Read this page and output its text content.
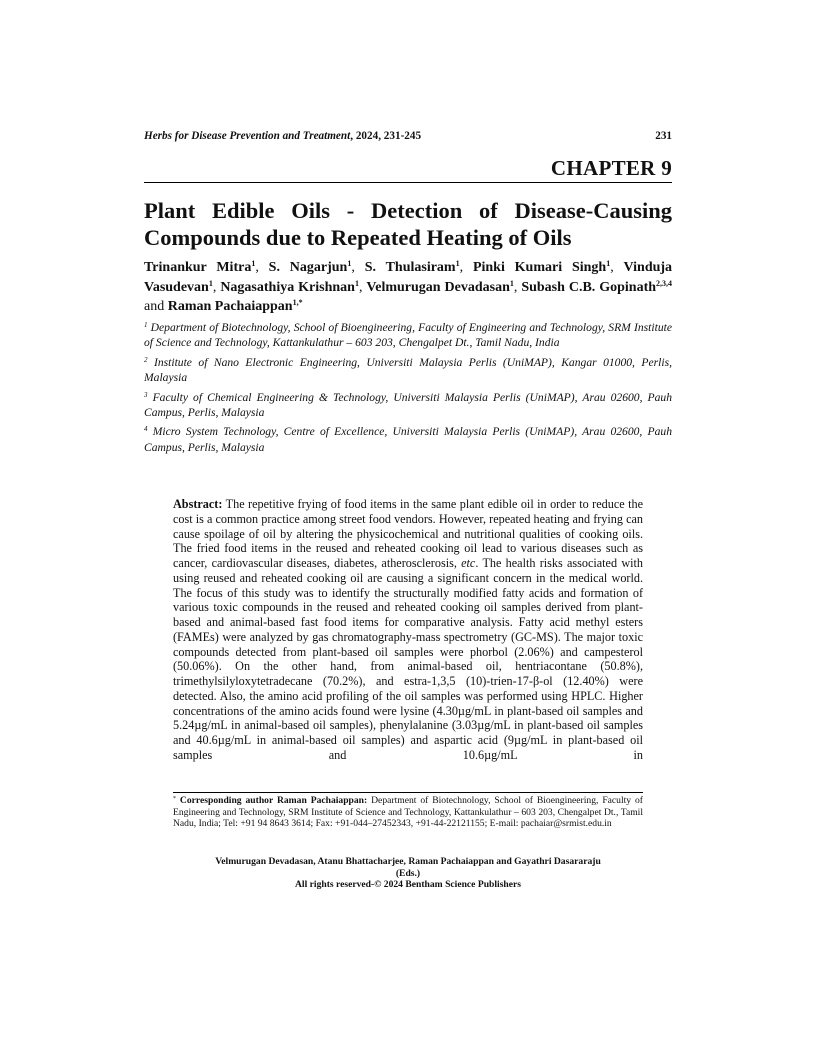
Herbs for Disease Prevention and Treatment, 2024, 231-245	231
CHAPTER 9
Plant Edible Oils - Detection of Disease-Causing Compounds due to Repeated Heating of Oils
Trinankur Mitra$^1$, S. Nagarjun$^1$, S. Thulasiram$^1$, Pinki Kumari Singh$^1$, Vinduja Vasudevan$^1$, Nagasathiya Krishnan$^1$, Velmurugan Devadasan$^1$, Subash C.B. Gopinath$^{2,3,4}$ and Raman Pachaiappan$^{1,*}$
$^1$ Department of Biotechnology, School of Bioengineering, Faculty of Engineering and Technology, SRM Institute of Science and Technology, Kattankulathur – 603 203, Chengalpet Dt., Tamil Nadu, India
$^2$ Institute of Nano Electronic Engineering, Universiti Malaysia Perlis (UniMAP), Kangar 01000, Perlis, Malaysia
$^3$ Faculty of Chemical Engineering & Technology, Universiti Malaysia Perlis (UniMAP), Arau 02600, Pauh Campus, Perlis, Malaysia
$^4$ Micro System Technology, Centre of Excellence, Universiti Malaysia Perlis (UniMAP), Arau 02600, Pauh Campus, Perlis, Malaysia
Abstract: The repetitive frying of food items in the same plant edible oil in order to reduce the cost is a common practice among street food vendors. However, repeated heating and frying can cause spoilage of oil by altering the physicochemical and nutritional qualities of cooking oils. The fried food items in the reused and reheated cooking oil lead to various diseases such as cancer, cardiovascular diseases, diabetes, atherosclerosis, etc. The health risks associated with using reused and reheated cooking oil are causing a significant concern in the medical world. The focus of this study was to identify the structurally modified fatty acids and formation of various toxic compounds in the reused and reheated cooking oil samples derived from plant-based and animal-based fast food items for comparative analysis. Fatty acid methyl esters (FAMEs) were analyzed by gas chromatography-mass spectrometry (GC-MS). The major toxic compounds detected from plant-based oil samples were phorbol (2.06%) and campesterol (50.06%). On the other hand, from animal-based oil, hentriacontane (50.8%), trimethylsilyloxytetradecane (70.2%), and estra-1,3,5 (10)-trien-17-β-ol (12.40%) were detected. Also, the amino acid profiling of the oil samples was performed using HPLC. Higher concentrations of the amino acids found were lysine (4.30µg/mL in plant-based oil samples and 5.24µg/mL in animal-based oil samples), phenylalanine (3.03µg/mL in plant-based oil samples and 40.6µg/mL in animal-based oil samples) and aspartic acid (9µg/mL in plant-based oil samples and 10.6µg/mL in
* Corresponding author Raman Pachaiappan: Department of Biotechnology, School of Bioengineering, Faculty of Engineering and Technology, SRM Institute of Science and Technology, Kattankulathur – 603 203, Chengalpet Dt., Tamil Nadu, India; Tel: +91 94 8643 3614; Fax: +91-044–27452343, +91-44-22121155; E-mail: pachaiar@srmist.edu.in
Velmurugan Devadasan, Atanu Bhattacharjee, Raman Pachaiappan and Gayathri Dasararaju
(Eds.)
All rights reserved-© 2024 Bentham Science Publishers
